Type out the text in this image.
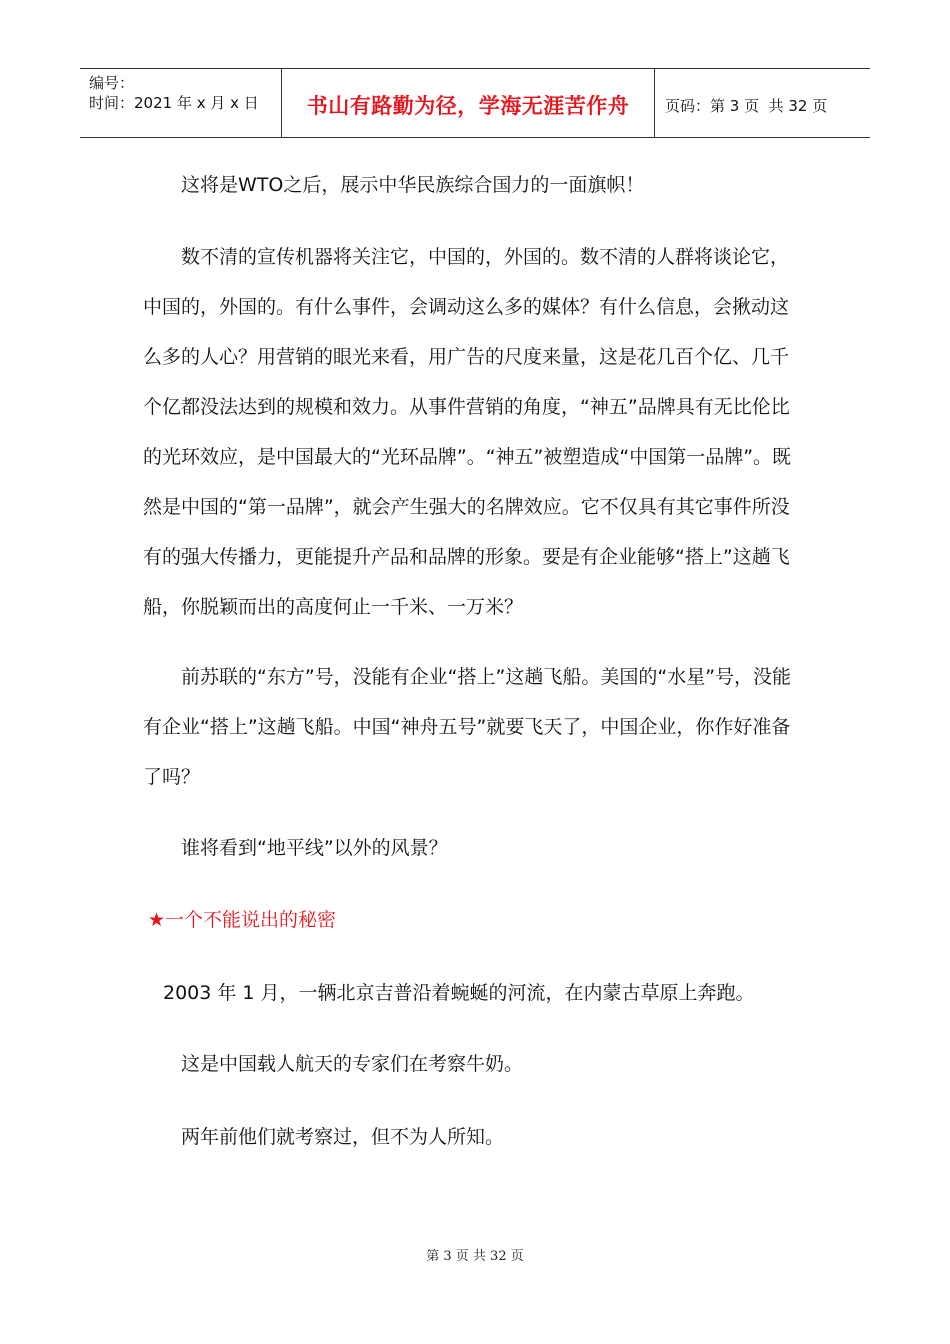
编号：
时间：2021 年 x 月 x 日	书山有路勤为径，学海无涯苦作舟	页码：第 3 页  共 32 页
这将是WTO之后，展示中华民族综合国力的一面旗帜！

数不清的宣传机器将关注它，中国的，外国的。数不清的人群将谈论它，中国的，外国的。有什么事件，会调动这么多的媒体？有什么信息，会揪动这么多的人心？用营销的眼光来看，用广告的尺度来量，这是花几百个亿、几千个亿都没法达到的规模和效力。从事件营销的角度，“神五”品牌具有无比伦比的光环效应，是中国最大的“光环品牌”。“神五”被塑造成“中国第一品牌”。既然是中国的“第一品牌”，就会产生强大的名牌效应。它不仅具有其它事件所没有的强大传播力，更能提升产品和品牌的形象。要是有企业能够“搭上”这趟飞船，你脱颖而出的高度何止一千米、一万米？

前苏联的“东方”号，没能有企业“搭上”这趟飞船。美国的“水星”号，没能有企业“搭上”这趟飞船。中国“神舟五号”就要飞天了，中国企业，你作好准备了吗？

谁将看到“地平线”以外的风景？
★一个不能说出的秘密
2003 年 1 月，一辆北京吉普沿着蜿蜒的河流，在内蒙古草原上奔跑。
这是中国载人航天的专家们在考察牛奶。
两年前他们就考察过，但不为人所知。
第 3 页 共 32 页
